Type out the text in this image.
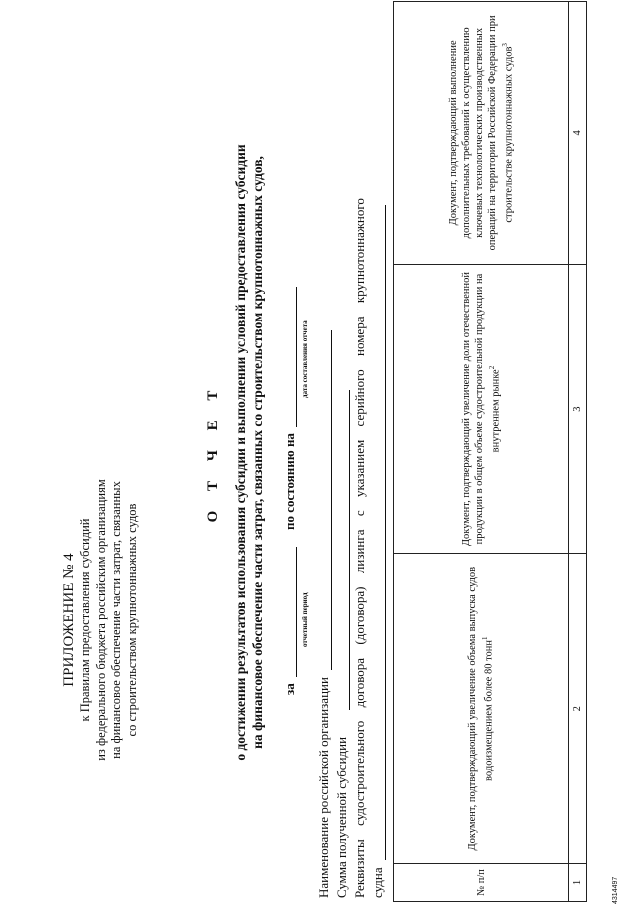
ПРИЛОЖЕНИЕ № 4 к Правилам предоставления субсидий из федерального бюджета российским организациям на финансовое обеспечение части затрат, связанных со строительством крупнотоннажных судов
О Т Ч Е Т о достижении результатов использования субсидии и выполнении условий предоставления субсидии на финансовое обеспечение части затрат, связанных со строительством крупнотоннажных судов, за
отчетный период
по состоянию на
дата составления отчета
Наименование российской организации Сумма полученной субсидии Реквизиты
судостроительного
договора
(договора)
лизинга
с
указанием
серийного
номера
крупнотоннажного
судна	№ п/п	Документ, подтверждающий увеличение объема выпуска судов водоизмещением более 80 тонн$^1$	Документ, подтверждающий увеличение доли отечественной продукции в общем объеме судостроительной продукции на внутреннем рынке$^2$	Документ, подтверждающий выполнение дополнительных требований к осуществлению ключевых технологических производственных операций на территории Российской Федерации при строительстве крупнотоннажных судов$^3$
1	2	3	4
4314497
